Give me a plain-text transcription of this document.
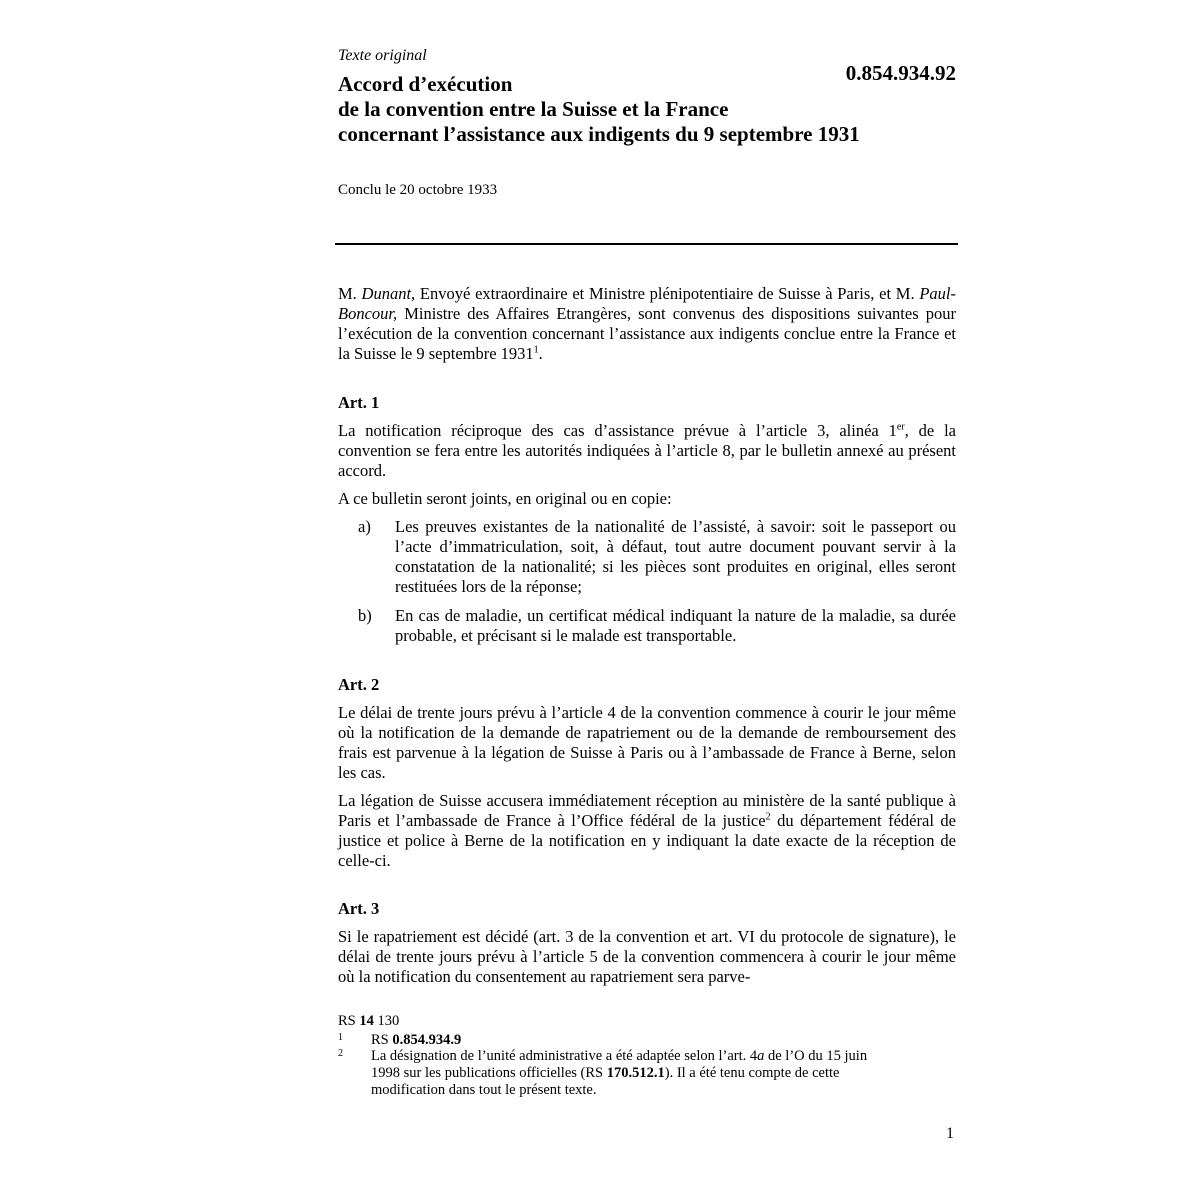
Texte original
0.854.934.92
Accord d’exécution
de la convention entre la Suisse et la France
concernant l’assistance aux indigents du 9 septembre 1931
Conclu le 20 octobre 1933

M. Dunant, Envoyé extraordinaire et Ministre plénipotentiaire de Suisse à Paris, et M. Paul-Boncour, Ministre des Affaires Etrangères, sont convenus des dispositions suivantes pour l’exécution de la convention concernant l’assistance aux indigents conclue entre la France et la Suisse le 9 septembre 1931$^1$.

Art. 1

La notification réciproque des cas d’assistance prévue à l’article 3, alinéa 1er, de la convention se fera entre les autorités indiquées à l’article 8, par le bulletin annexé au présent accord.

A ce bulletin seront joints, en original ou en copie:
a) Les preuves existantes de la nationalité de l’assisté, à savoir: soit le passeport ou l’acte d’immatriculation, soit, à défaut, tout autre document pouvant servir à la constatation de la nationalité; si les pièces sont produites en original, elles seront restituées lors de la réponse;
b) En cas de maladie, un certificat médical indiquant la nature de la maladie, sa durée probable, et précisant si le malade est transportable.
Art. 2
Le délai de trente jours prévu à l’article 4 de la convention commence à courir le jour même où la notification de la demande de rapatriement ou de la demande de remboursement des frais est parvenue à la légation de Suisse à Paris ou à l’ambassade de France à Berne, selon les cas.

La légation de Suisse accusera immédiatement réception au ministère de la santé publique à Paris et l’ambassade de France à l’Office fédéral de la justice$^2$ du département fédéral de justice et police à Berne de la notification en y indiquant la date exacte de la réception de celle-ci.

Art. 3
Si le rapatriement est décidé (art. 3 de la convention et art. VI du protocole de signature), le délai de trente jours prévu à l’article 5 de la convention commencera à courir le jour même où la notification du consentement au rapatriement sera parve-
RS 14 130
1 RS 0.854.934.9
2 La désignation de l’unité administrative a été adaptée selon l’art. 4a de l’O du 15 juin 1998 sur les publications officielles (RS 170.512.1). Il a été tenu compte de cette modification dans tout le présent texte.
1
